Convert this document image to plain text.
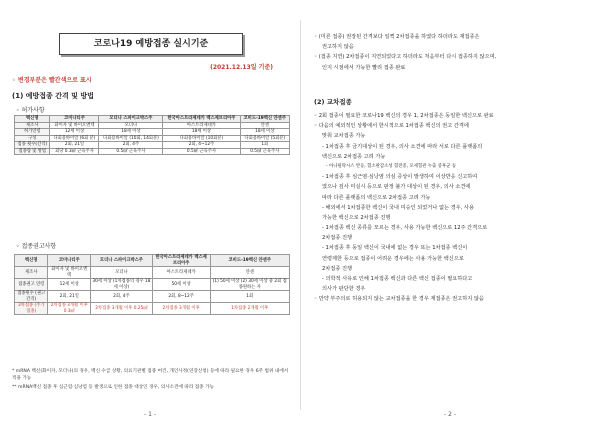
코로나19 예방접종 실시기준
(2021.12.13일 기준)
◦ 변경부분은 빨간색으로 표시
(1) 예방접종 간격 및 방법
◦ 허가사항
백신명	코미나티주	모더나 스파이크박스주	한국아스트라제네카 백스제브리아주	코비드-19백신 얀센주
제조사	화이자 및 바이오엔텍	모더나	아스트라제네카	얀센
허가연령	12세 이상	18세 이상	18세 이상	18세 이상
구성	다회용바이알 (6회 분)	다회용바이알 (10회, 14회분)	다회용바이알 (10회분)	다회용바이알 (5회분)
접종 횟수(간격)	2회, 21일	2회, 4주	2회, 4~12주	1회
접종량 및 방법	회당 0.3㎖ 근육주사	0.5㎖ 근육주사	0.5㎖ 근육주사	0.5㎖ 근육주사
◦ 접종권고사항
백신명	코미나티주	모더나 스파이크박스주	한국아스트라제네카 백스제브리아주	코비드-19백신 얀센주
제조사	화이자 및 바이오엔텍	모더나	아스트라제네카	얀센
접종권고 연령	12세 이상	30세 이상 (1차접종의 경우 18세 이상)	50세 이상	(1) 50세 이상 (2) 30세 이상 중 2회 접종원하는 자
접종횟수 (권고간격)	2회, 21일	2회, 4주	2회, 8~12주	1회
3차접종 (추가접종)	2차접종 3개월 이후 0.3㎖	2차접종 3개월 이후 0.25㎖	2차접종 3개월 이후	1차접종 2개월 이후
* mRNA 백신(화이자, 모더나)의 경우, 백신 수급 상황, 의료기관별 접종 여건, 개인사정(연장신청) 등에 따라 필요한 경우 6주 범위 내에서 적용 가능
** mRNA백신 접종 후 심근염·심낭염 등 발생으로 인한 접종 대상인 경우, 의사소견에 따라 접종 가능
- 1 -
◦ (미른 접종) 권장된 간격보다 일찍 2차접종을 하였다 하더라도 재접종은
권고하지 않음
◦ (접종 지연) 2차접종이 지연되었다고 하더라도 처음부터 다시 접종하지 않으며,
인지 시점에서 가능한 빨리 접종 완료
(2) 교차접종
◦ 2회 접종이 필요한 코로나19 백신의 경우 1, 2차접종은 동일한 백신으로 완료
◦ 다음의 예외적인 상황에서 한시적으로 1차접종 백신의 권고 간격에
맞춰 교차접종 가능
- 1차접종 후 금기대상이 된 경우, 의사 소견에 따라 서로 다른 플랫폼의
백신으로 2차접종 고려 가능
- 아나필락시스 반응, 혈소판감소성 혈전증, 모세혈관 누출 증후군 등
- 1차접종 후 심근염·심낭염 의심 증상이 발생하여 이상반응 신고하여
였으나 검사 미실시 등으로 판정 불가 대상이 된 경우, 의사 소견에
따라 다른 플랫폼의 백신으로 2차접종 고려 가능
- 해외에서 1차접종한 백신이 국내 미승인 되었거나 없는 경우, 사용
가능한 백신으로 2차접종 진행
- 1차접종 백신 종류를 모르는 경우, 사용 가능한 백신으로 12주 간격으로
2차접종 진행
- 1차접종 후 동일 백신이 국내에 없는 경우 또는 1차접종 백신이
연령제한 등으로 접종이 어려운 경우에는 사용 가능한 백신으로
2차접종 진행
- 의학적 사유로 인해 1차접종 백신과 다른 백신 접종이 필요하다고
의사가 판단한 경우
◦ 만약 부주의로 허용되지 않는 교차접종을 한 경우 재접종은 권고하지 않음
- 2 -
